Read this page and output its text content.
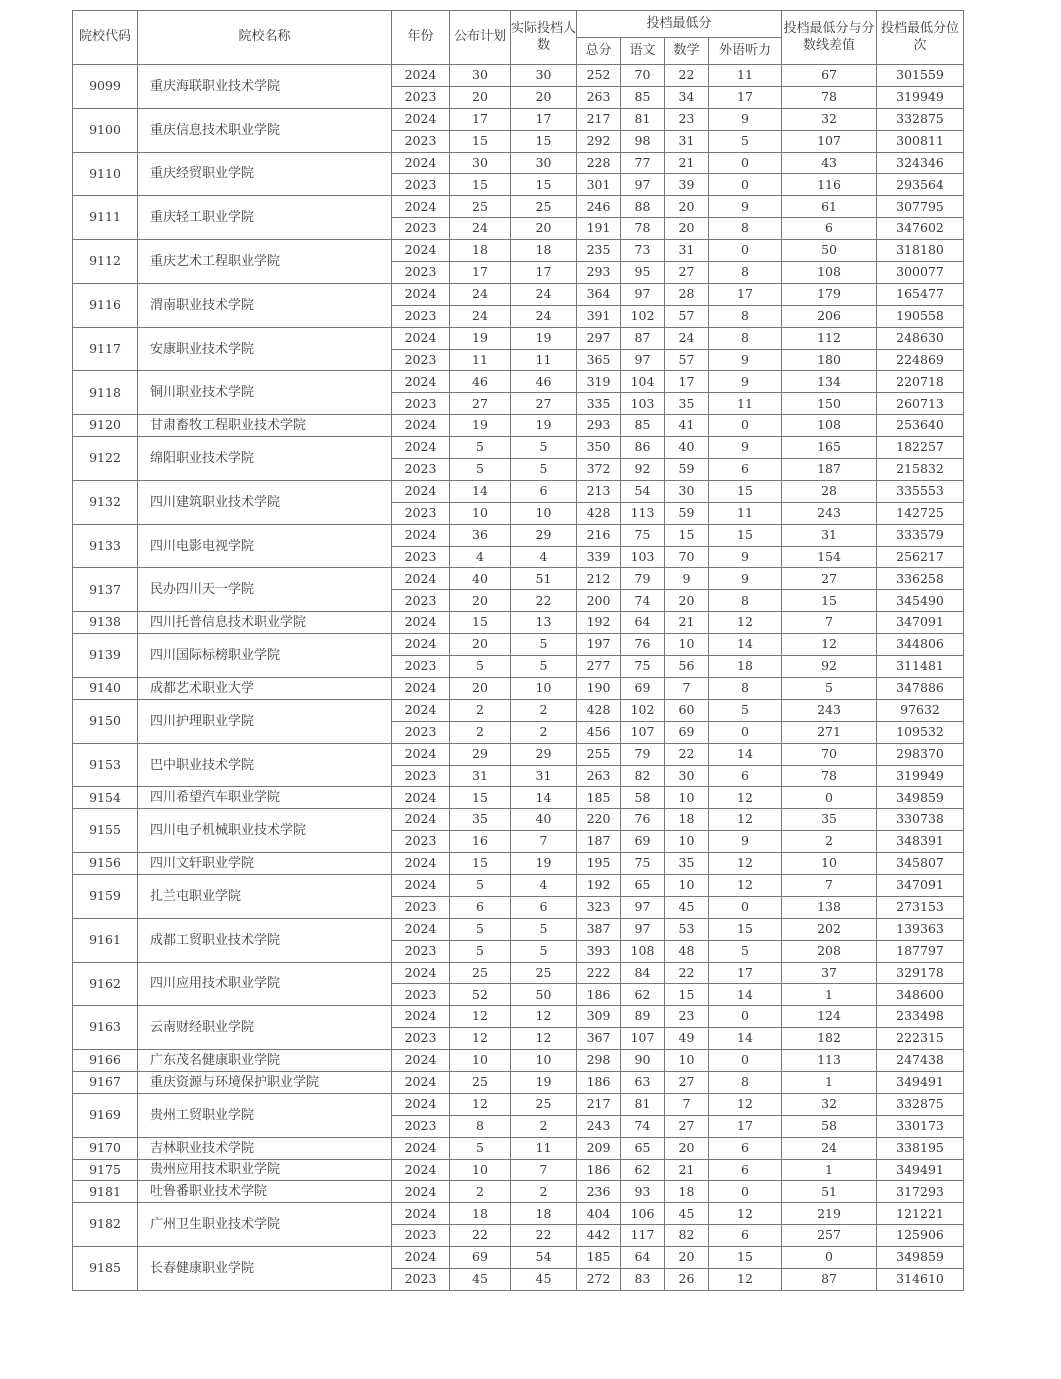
院校代码	院校名称	年份	公布计划	实际投档人数	投档最低分				投档最低分与分数线差值	投档最低分位次
					总分	语文	数学	外语听力		
9099	重庆海联职业技术学院	2024	30	30	252	70	22	11	67	301559
		2023	20	20	263	85	34	17	78	319949
9100	重庆信息技术职业学院	2024	17	17	217	81	23	9	32	332875
		2023	15	15	292	98	31	5	107	300811
9110	重庆经贸职业学院	2024	30	30	228	77	21	0	43	324346
		2023	15	15	301	97	39	0	116	293564
9111	重庆轻工职业学院	2024	25	25	246	88	20	9	61	307795
		2023	24	20	191	78	20	8	6	347602
9112	重庆艺术工程职业学院	2024	18	18	235	73	31	0	50	318180
		2023	17	17	293	95	27	8	108	300077
9116	渭南职业技术学院	2024	24	24	364	97	28	17	179	165477
		2023	24	24	391	102	57	8	206	190558
9117	安康职业技术学院	2024	19	19	297	87	24	8	112	248630
		2023	11	11	365	97	57	9	180	224869
9118	铜川职业技术学院	2024	46	46	319	104	17	9	134	220718
		2023	27	27	335	103	35	11	150	260713
9120	甘肃畜牧工程职业技术学院	2024	19	19	293	85	41	0	108	253640
9122	绵阳职业技术学院	2024	5	5	350	86	40	9	165	182257
		2023	5	5	372	92	59	6	187	215832
9132	四川建筑职业技术学院	2024	14	6	213	54	30	15	28	335553
		2023	10	10	428	113	59	11	243	142725
9133	四川电影电视学院	2024	36	29	216	75	15	15	31	333579
		2023	4	4	339	103	70	9	154	256217
9137	民办四川天一学院	2024	40	51	212	79	9	9	27	336258
		2023	20	22	200	74	20	8	15	345490
9138	四川托普信息技术职业学院	2024	15	13	192	64	21	12	7	347091
9139	四川国际标榜职业学院	2024	20	5	197	76	10	14	12	344806
		2023	5	5	277	75	56	18	92	311481
9140	成都艺术职业大学	2024	20	10	190	69	7	8	5	347886
9150	四川护理职业学院	2024	2	2	428	102	60	5	243	97632
		2023	2	2	456	107	69	0	271	109532
9153	巴中职业技术学院	2024	29	29	255	79	22	14	70	298370
		2023	31	31	263	82	30	6	78	319949
9154	四川希望汽车职业学院	2024	15	14	185	58	10	12	0	349859
9155	四川电子机械职业技术学院	2024	35	40	220	76	18	12	35	330738
		2023	16	7	187	69	10	9	2	348391
9156	四川文轩职业学院	2024	15	19	195	75	35	12	10	345807
9159	扎兰屯职业学院	2024	5	4	192	65	10	12	7	347091
		2023	6	6	323	97	45	0	138	273153
9161	成都工贸职业技术学院	2024	5	5	387	97	53	15	202	139363
		2023	5	5	393	108	48	5	208	187797
9162	四川应用技术职业学院	2024	25	25	222	84	22	17	37	329178
		2023	52	50	186	62	15	14	1	348600
9163	云南财经职业学院	2024	12	12	309	89	23	0	124	233498
		2023	12	12	367	107	49	14	182	222315
9166	广东茂名健康职业学院	2024	10	10	298	90	10	0	113	247438
9167	重庆资源与环境保护职业学院	2024	25	19	186	63	27	8	1	349491
9169	贵州工贸职业学院	2024	12	25	217	81	7	12	32	332875
		2023	8	2	243	74	27	17	58	330173
9170	吉林职业技术学院	2024	5	11	209	65	20	6	24	338195
9175	贵州应用技术职业学院	2024	10	7	186	62	21	6	1	349491
9181	吐鲁番职业技术学院	2024	2	2	236	93	18	0	51	317293
9182	广州卫生职业技术学院	2024	18	18	404	106	45	12	219	121221
		2023	22	22	442	117	82	6	257	125906
9185	长春健康职业学院	2024	69	54	185	64	20	15	0	349859
		2023	45	45	272	83	26	12	87	314610
